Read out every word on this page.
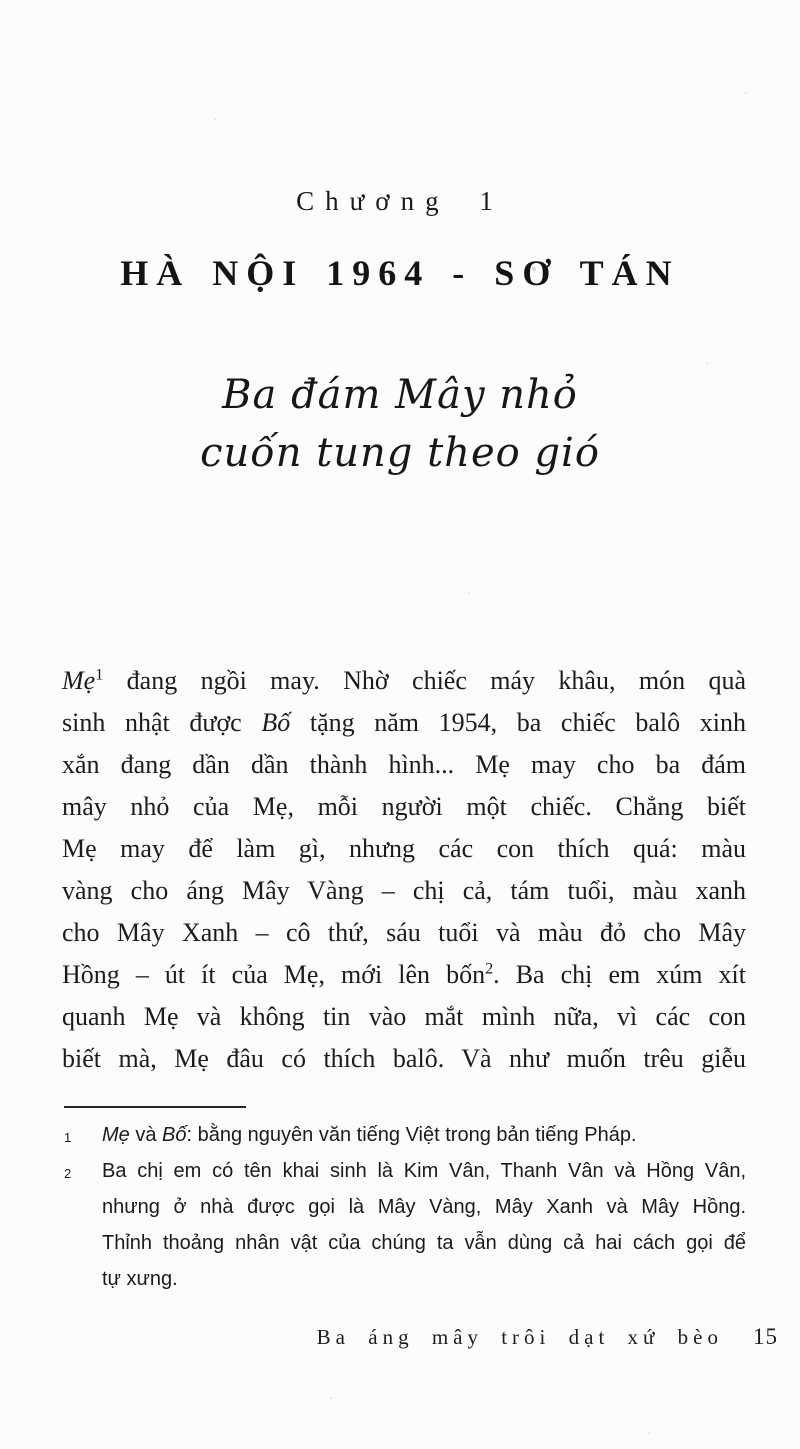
Chương 1
HÀ NỘI 1964 - SƠ TÁN
Ba đám Mây nhỏ
cuốn tung theo gió
Mẹ$^1$ đang ngồi may. Nhờ chiếc máy khâu, món quà
sinh nhật được Bố tặng năm 1954, ba chiếc balô xinh
xắn đang dần dần thành hình... Mẹ may cho ba đám
mây nhỏ của Mẹ, mỗi người một chiếc. Chẳng biết
Mẹ may để làm gì, nhưng các con thích quá: màu
vàng cho áng Mây Vàng – chị cả, tám tuổi, màu xanh
cho Mây Xanh – cô thứ, sáu tuổi và màu đỏ cho Mây
Hồng – út ít của Mẹ, mới lên bốn$^2$. Ba chị em xúm xít
quanh Mẹ và không tin vào mắt mình nữa, vì các con
biết mà, Mẹ đâu có thích balô. Và như muốn trêu giễu
1	Mẹ và Bố: bằng nguyên văn tiếng Việt trong bản tiếng Pháp.
2	Ba chị em có tên khai sinh là Kim Vân, Thanh Vân và Hồng Vân,
nhưng ở nhà được gọi là Mây Vàng, Mây Xanh và Mây Hồng.
Thỉnh thoảng nhân vật của chúng ta vẫn dùng cả hai cách gọi để
tự xưng.
Ba áng mây trôi dạt xứ bèo 15
